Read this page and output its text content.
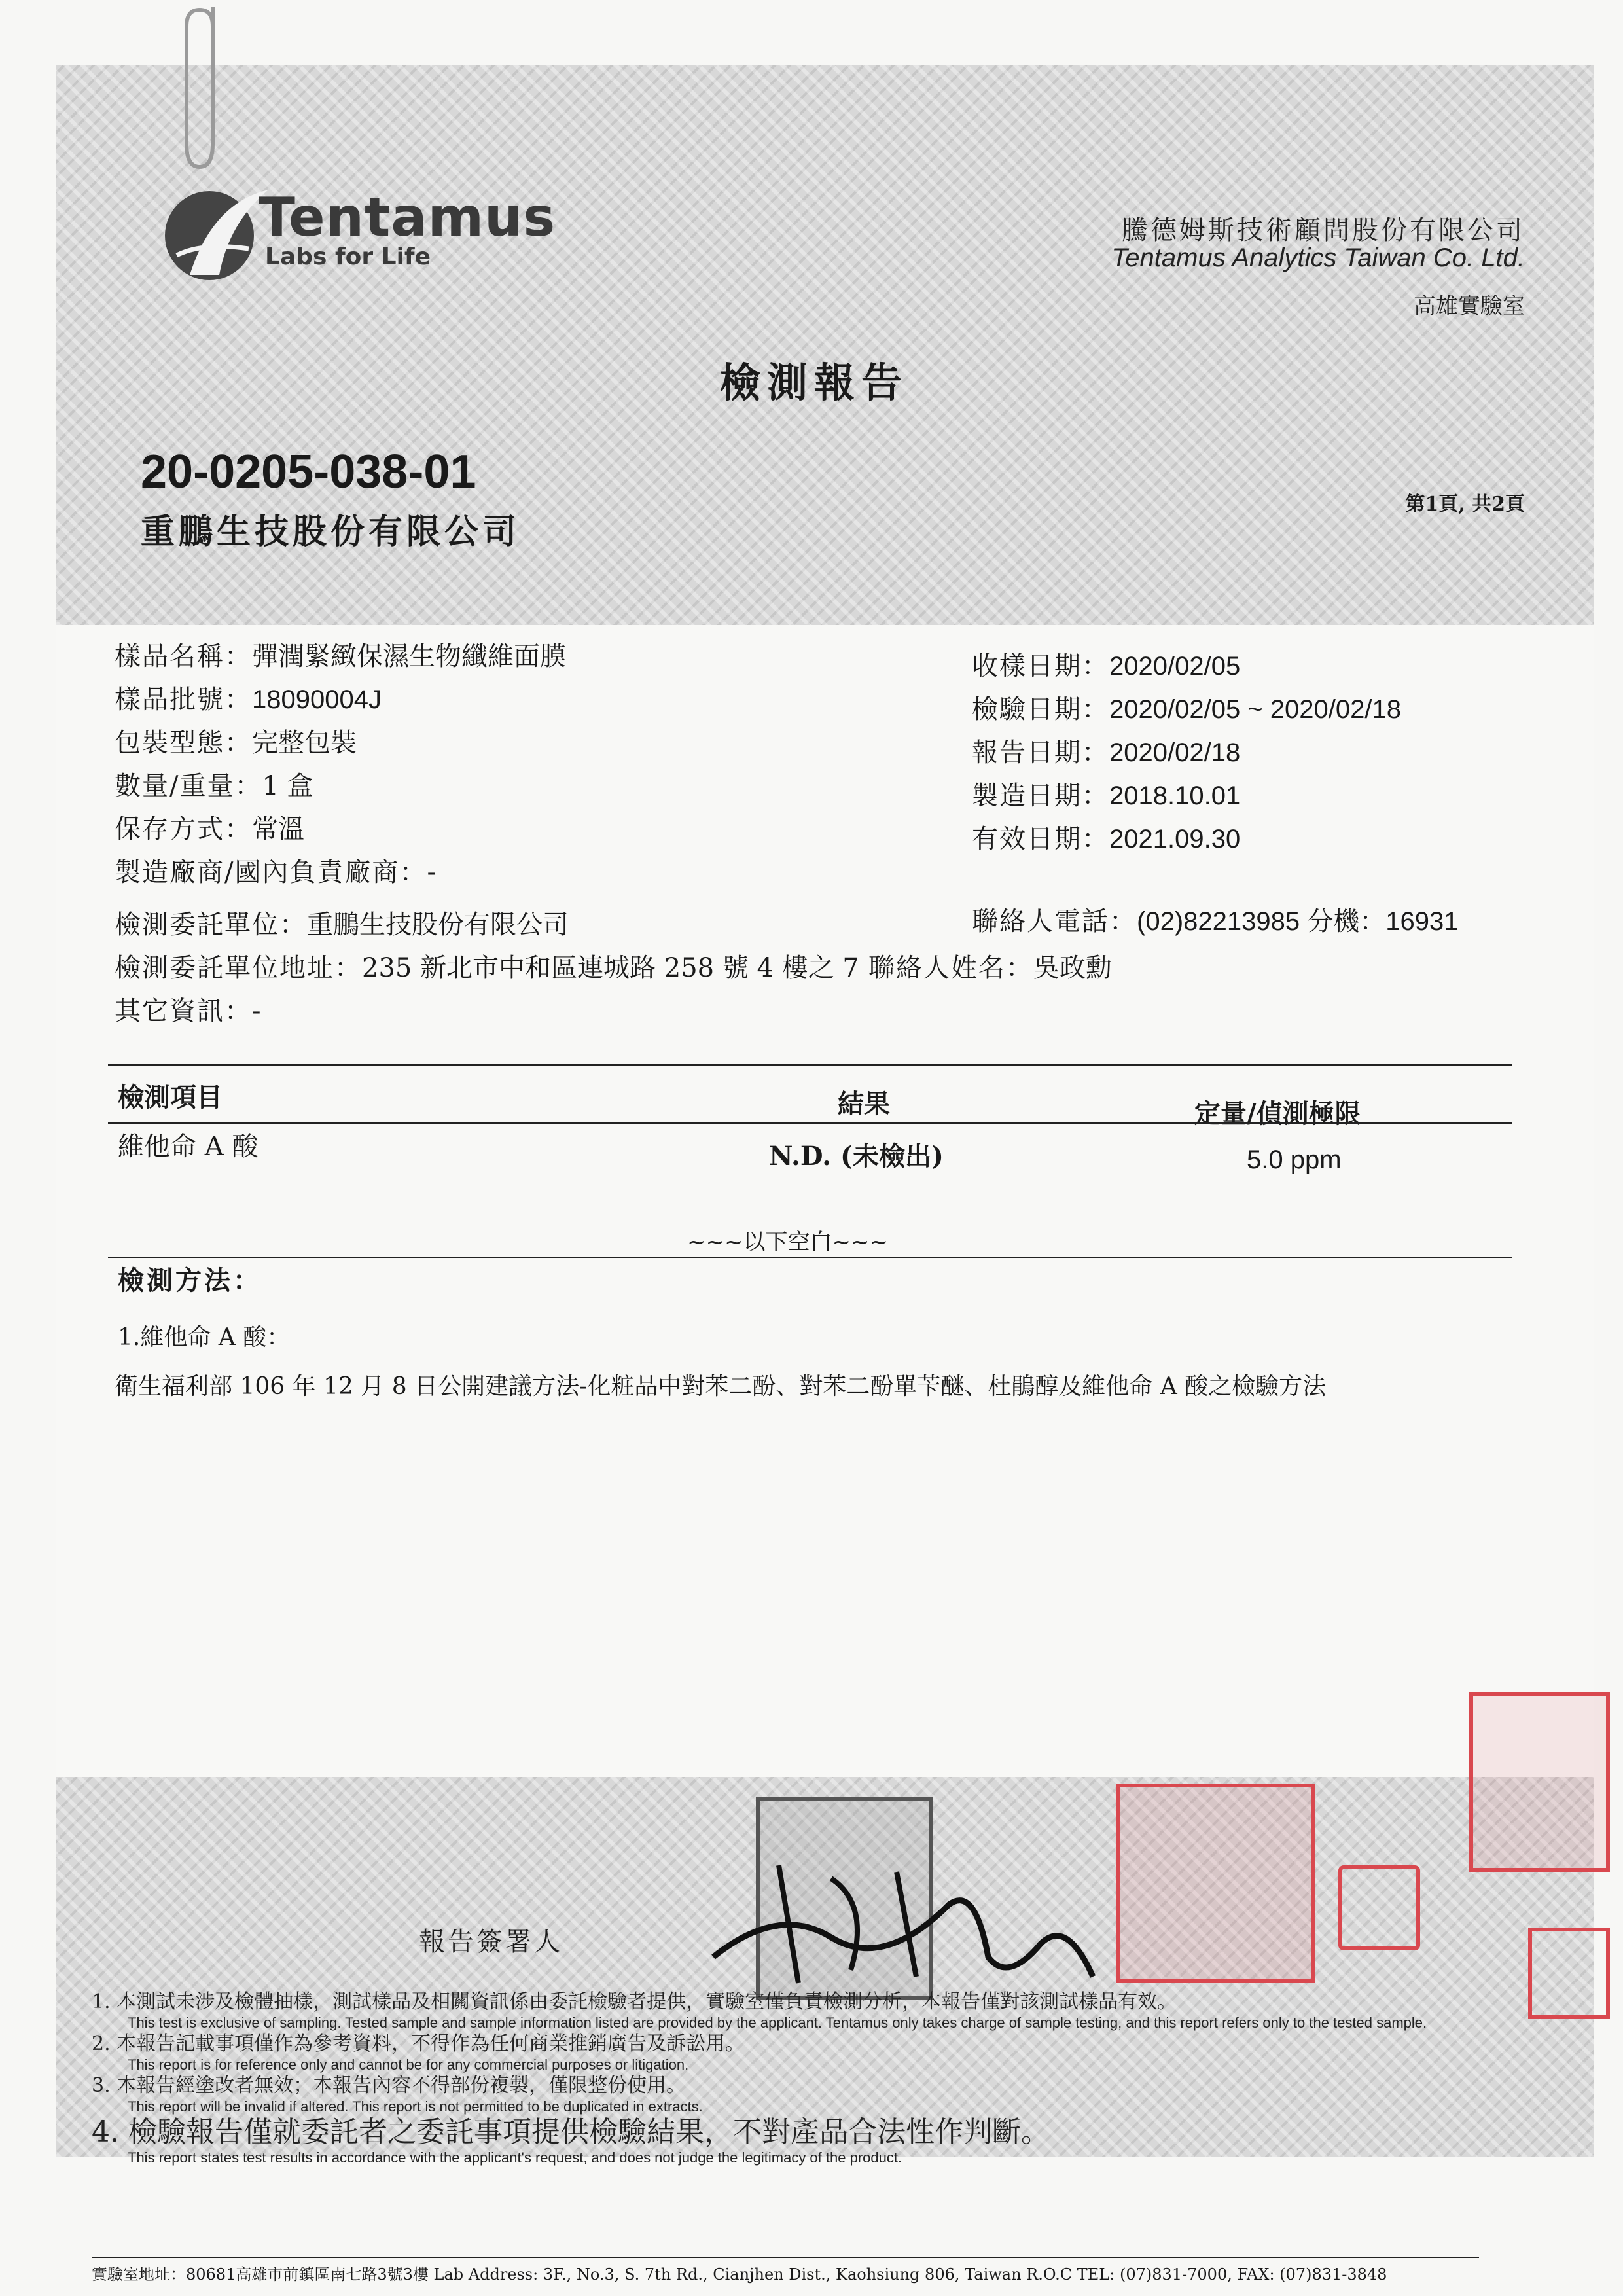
Tentamus
Labs for Life
騰德姆斯技術顧問股份有限公司
Tentamus Analytics Taiwan Co. Ltd.
高雄實驗室
檢測報告
20-0205-038-01
重鵬生技股份有限公司
第1頁, 共2頁
樣品名稱：彈潤緊緻保濕生物纖維面膜
樣品批號：18090004J
包裝型態：完整包裝
數量/重量：1 盒
保存方式：常溫
製造廠商/國內負責廠商：-
檢測委託單位：重鵬生技股份有限公司
檢測委託單位地址：235 新北市中和區連城路 258 號 4 樓之 7 聯絡人姓名：吳政勳
其它資訊：-
收樣日期：2020/02/05
檢驗日期：2020/02/05 ~ 2020/02/18
報告日期：2020/02/18
製造日期：2018.10.01
有效日期：2021.09.30
聯絡人電話：(02)82213985 分機：16931
檢測項目	結果	定量/偵測極限
維他命 A 酸	N.D. (未檢出)	5.0 ppm
~~~以下空白~~~
檢測方法：
1.維他命 A 酸：
衛生福利部 106 年 12 月 8 日公開建議方法-化粧品中對苯二酚、對苯二酚單苄醚、杜鵑醇及維他命 A 酸之檢驗方法
報告簽署人
1. 本測試未涉及檢體抽樣，測試樣品及相關資訊係由委託檢驗者提供，實驗室僅負責檢測分析，本報告僅對該測試樣品有效。
This test is exclusive of sampling. Tested sample and sample information listed are provided by the applicant. Tentamus only takes charge of sample testing, and this report refers only to the tested sample.
2. 本報告記載事項僅作為參考資料，不得作為任何商業推銷廣告及訴訟用。
This report is for reference only and cannot be for any commercial purposes or litigation.
3. 本報告經塗改者無效；本報告內容不得部份複製，僅限整份使用。
This report will be invalid if altered. This report is not permitted to be duplicated in extracts.
4. 檢驗報告僅就委託者之委託事項提供檢驗結果，不對產品合法性作判斷。
This report states test results in accordance with the applicant's request, and does not judge the legitimacy of the product.
實驗室地址：80681高雄市前鎮區南七路3號3樓 Lab Address: 3F., No.3, S. 7th Rd., Cianjhen Dist., Kaohsiung 806, Taiwan R.O.C TEL: (07)831-7000, FAX: (07)831-3848
